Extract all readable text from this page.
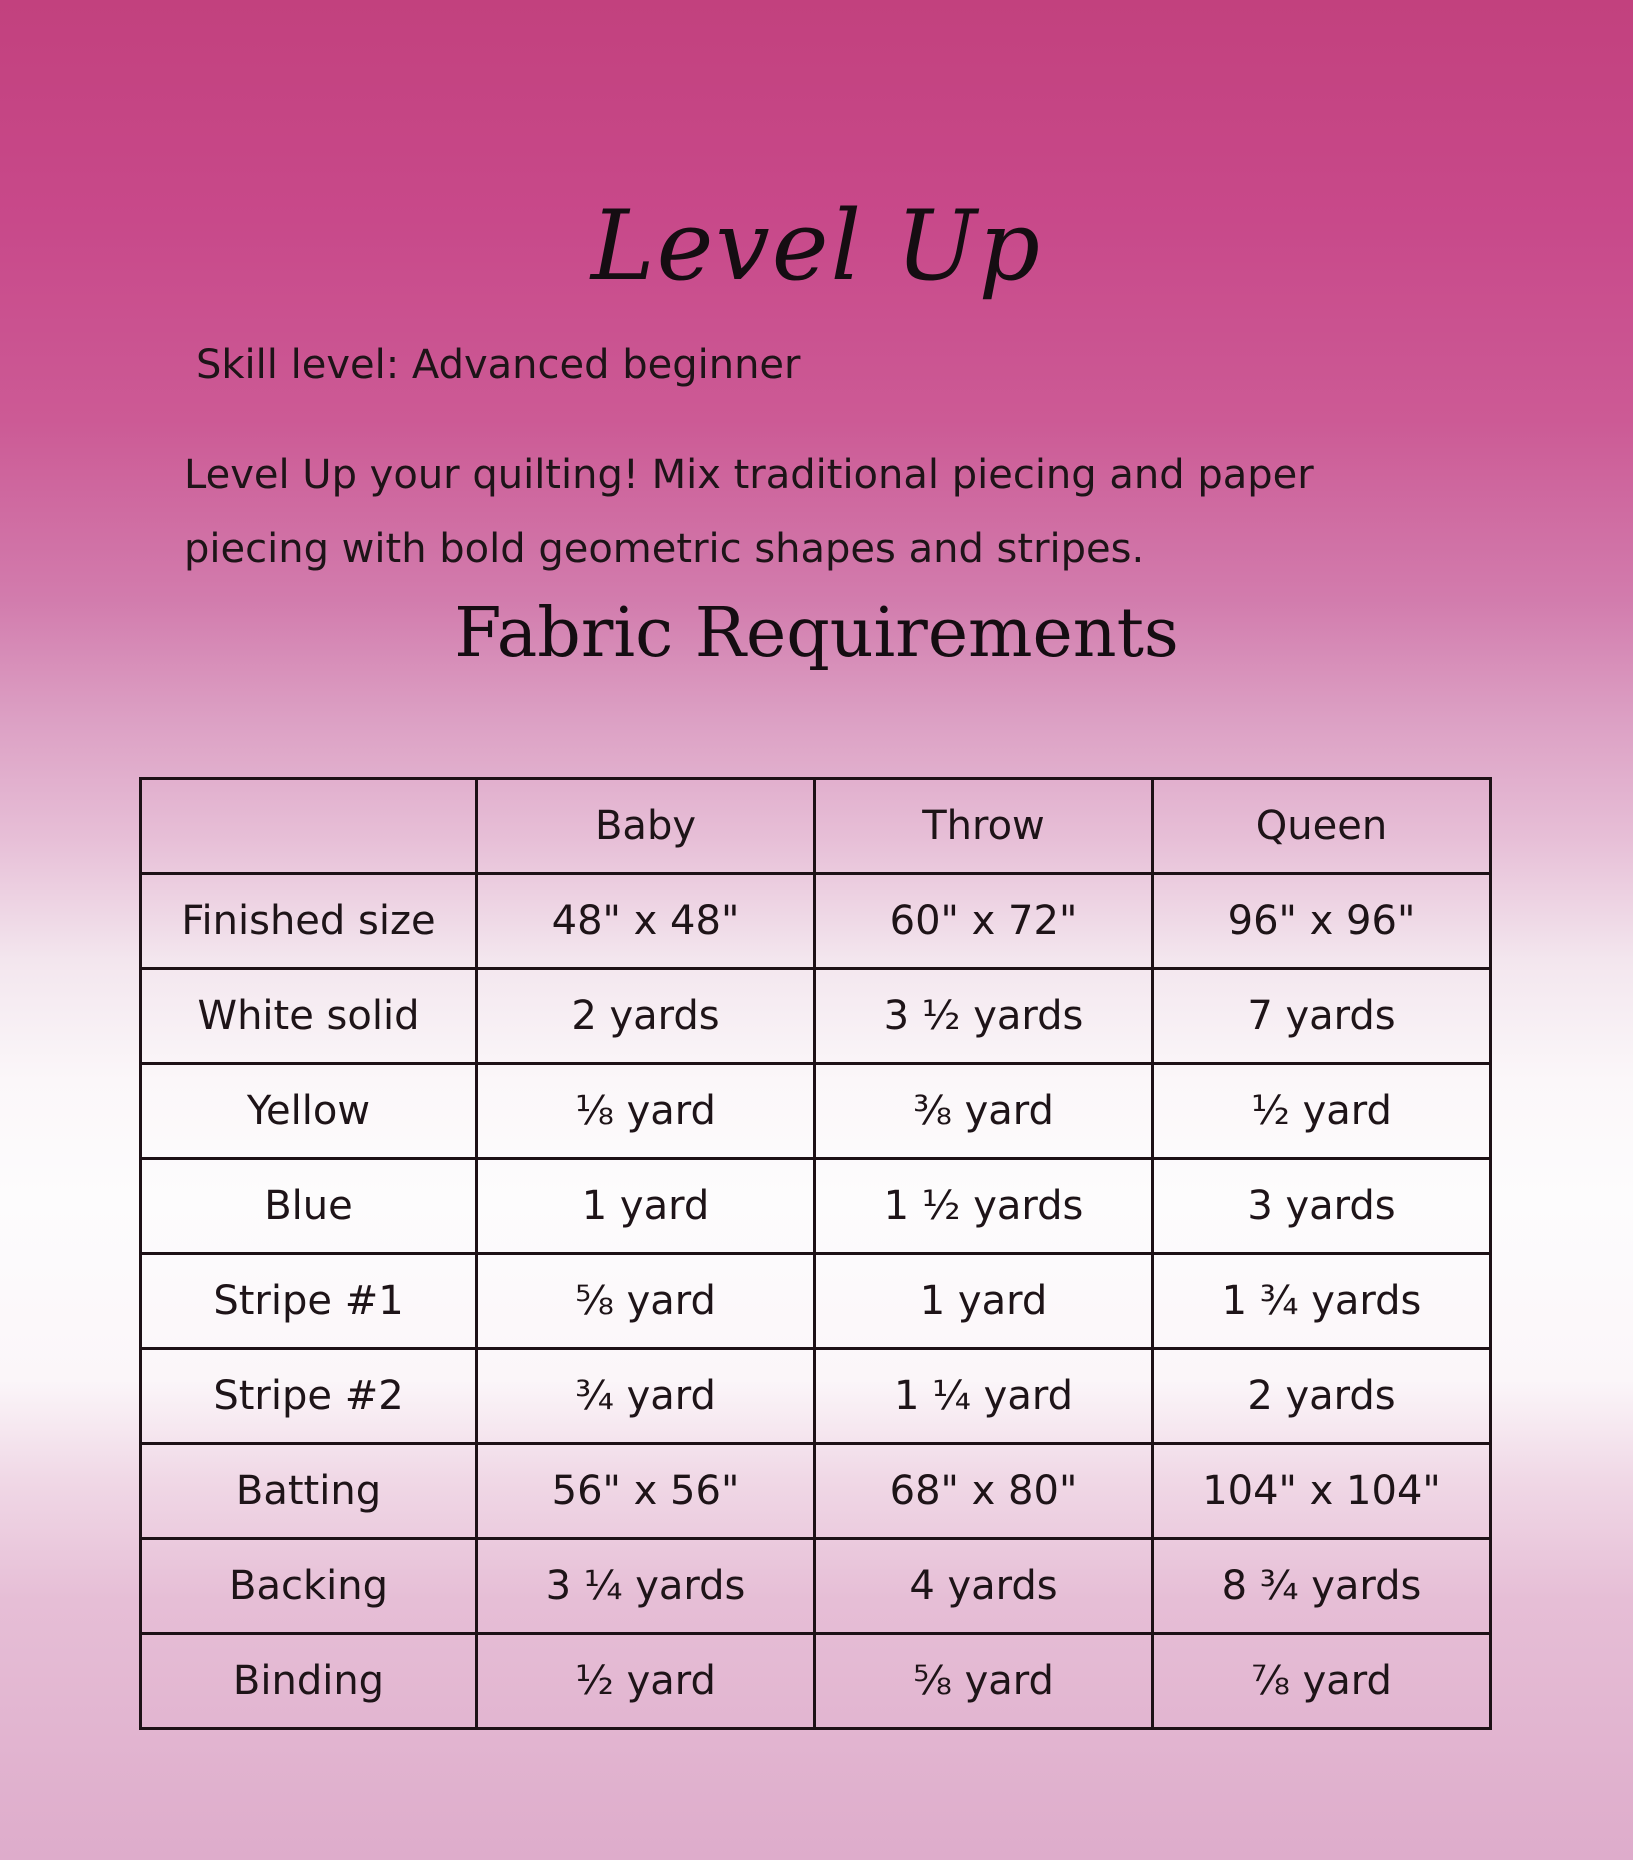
Level Up
Skill level: Advanced beginner
Level Up your quilting! Mix traditional piecing and paper piecing with bold geometric shapes and stripes.
Fabric Requirements
	Baby	Throw	Queen
Finished size	48" x 48"	60" x 72"	96" x 96"
White solid	2 yards	3 ½ yards	7 yards
Yellow	⅛ yard	⅜ yard	½ yard
Blue	1 yard	1 ½ yards	3 yards
Stripe #1	⅝ yard	1 yard	1 ¾ yards
Stripe #2	¾ yard	1 ¼ yard	2 yards
Batting	56" x 56"	68" x 80"	104" x 104"
Backing	3 ¼ yards	4 yards	8 ¾ yards
Binding	½ yard	⅝ yard	⅞ yard
